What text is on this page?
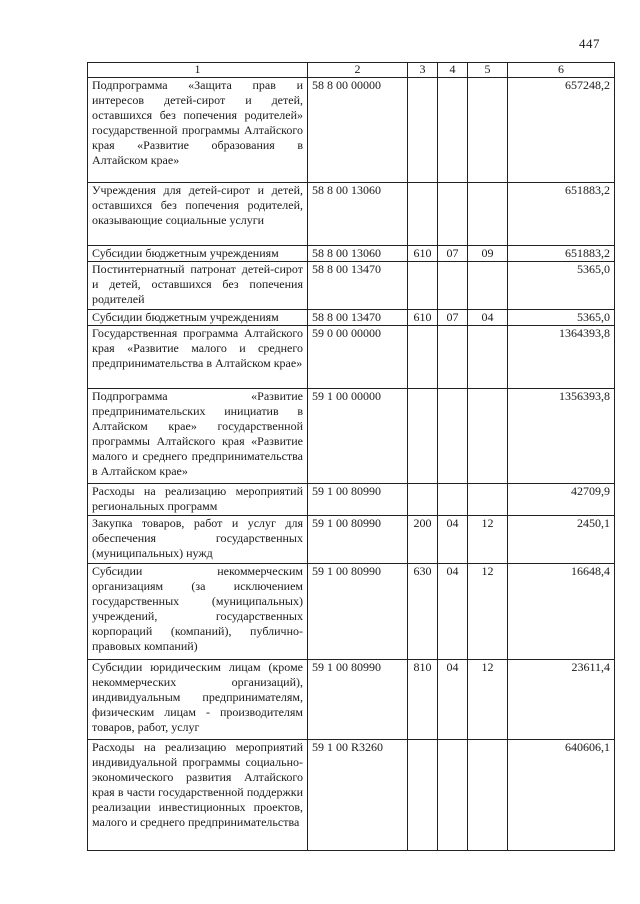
447
1	2	3	4	5	6
Подпрограмма «Защита прав и интересов детей-сирот и детей, оставшихся без попечения родителей» государственной программы Алтайского края «Развитие образования в Алтайском крае»	58 8 00 00000				657248,2
Учреждения для детей-сирот и детей, оставшихся без попечения родителей, оказывающие социальные услуги	58 8 00 13060				651883,2
Субсидии бюджетным учреждениям	58 8 00 13060	610	07	09	651883,2
Постинтернатный патронат детей-сирот и детей, оставшихся без попечения родителей	58 8 00 13470				5365,0
Субсидии бюджетным учреждениям	58 8 00 13470	610	07	04	5365,0
Государственная программа Алтайского края «Развитие малого и среднего предпринимательства в Алтайском крае»	59 0 00 00000				1364393,8
Подпрограмма «Развитие предпринимательских инициатив в Алтайском крае» государственной программы Алтайского края «Развитие малого и среднего предпринимательства в Алтайском крае»	59 1 00 00000				1356393,8
Расходы на реализацию мероприятий региональных программ	59 1 00 80990				42709,9
Закупка товаров, работ и услуг для обеспечения государственных (муниципальных) нужд	59 1 00 80990	200	04	12	2450,1
Субсидии некоммерческим организациям (за исключением государственных (муниципальных) учреждений, государственных корпораций (компаний), публично-правовых компаний)	59 1 00 80990	630	04	12	16648,4
Субсидии юридическим лицам (кроме некоммерческих организаций), индивидуальным предпринимателям, физическим лицам - производителям товаров, работ, услуг	59 1 00 80990	810	04	12	23611,4
Расходы на реализацию мероприятий индивидуальной программы социально-экономического развития Алтайского края в части государственной поддержки реализации инвестиционных проектов, малого и среднего предпринимательства	59 1 00 R3260				640606,1
